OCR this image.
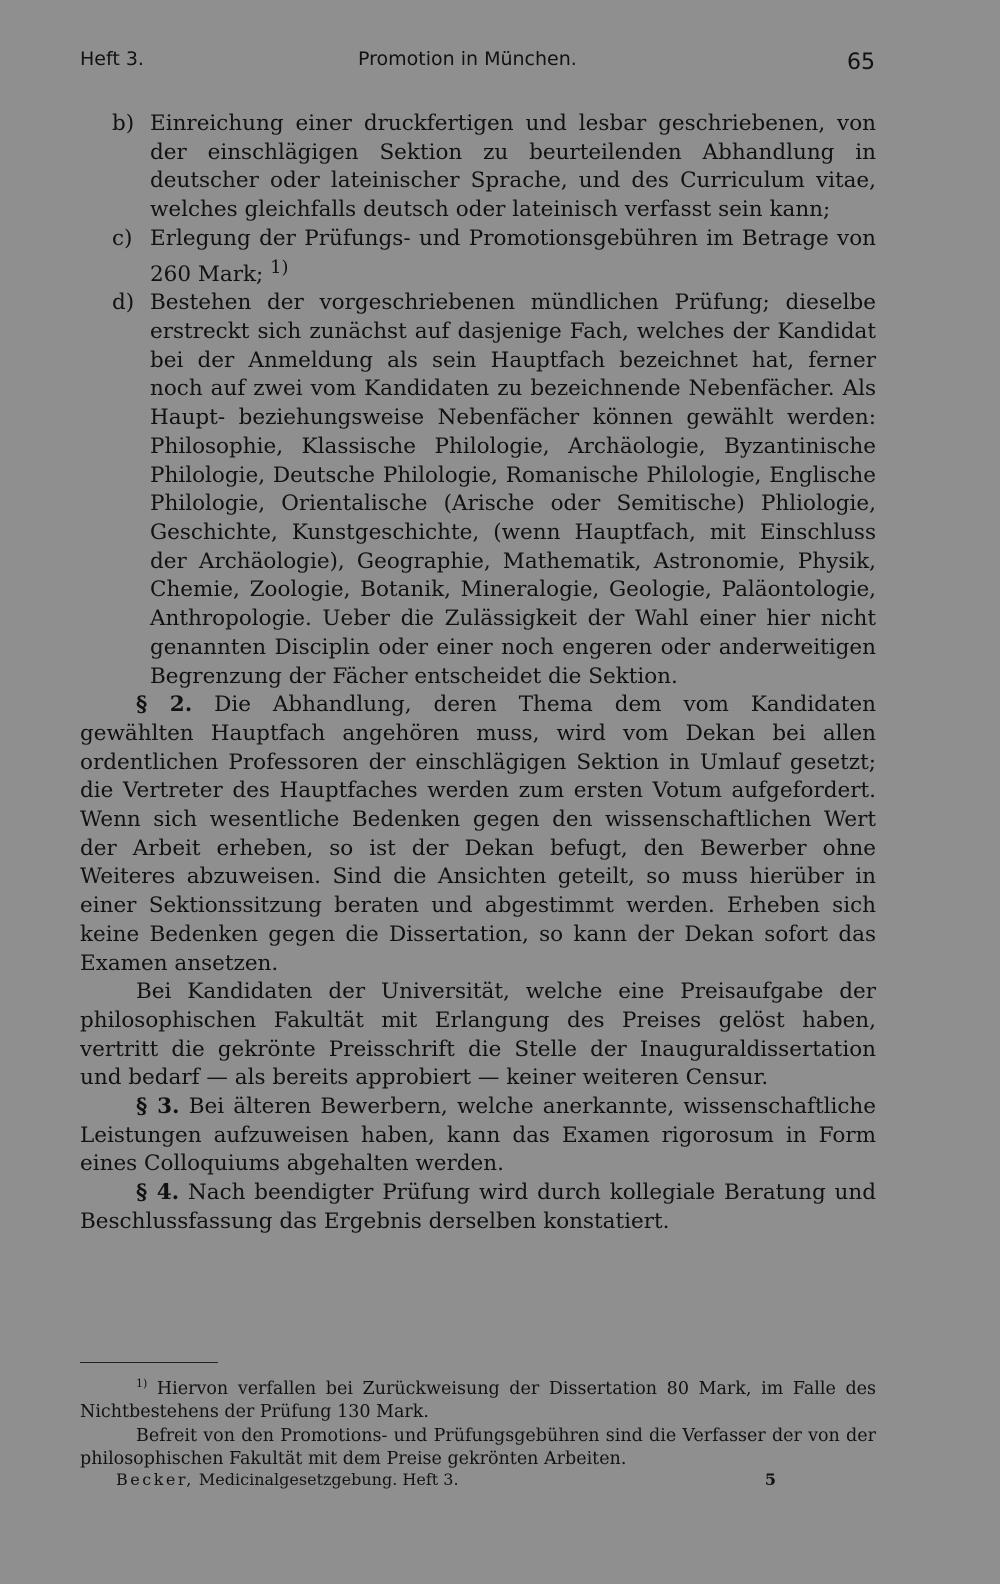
Heft 3.	Promotion in München.	65
b) Einreichung einer druckfertigen und lesbar geschriebenen, von der einschlägigen Sektion zu beurteilenden Abhandlung in deutscher oder lateinischer Sprache, und des Curriculum vitae, welches gleichfalls deutsch oder lateinisch verfasst sein kann;
c) Erlegung der Prüfungs- und Promotionsgebühren im Betrage von 260 Mark; $^{1)}$
d) Bestehen der vorgeschriebenen mündlichen Prüfung; dieselbe erstreckt sich zunächst auf dasjenige Fach, welches der Kandidat bei der Anmeldung als sein Hauptfach bezeichnet hat, ferner noch auf zwei vom Kandidaten zu bezeichnende Nebenfächer. Als Haupt- beziehungsweise Nebenfächer können gewählt werden: Philosophie, Klassische Philologie, Archäologie, Byzantinische Philologie, Deutsche Philologie, Romanische Philologie, Englische Philologie, Orientalische (Arische oder Semitische) Phliologie, Geschichte, Kunstgeschichte, (wenn Hauptfach, mit Einschluss der Archäologie), Geographie, Mathematik, Astronomie, Physik, Chemie, Zoologie, Botanik, Mineralogie, Geologie, Paläontologie, Anthropologie. Ueber die Zulässigkeit der Wahl einer hier nicht genannten Disciplin oder einer noch engeren oder anderweitigen Begrenzung der Fächer entscheidet die Sektion.

§ 2. Die Abhandlung, deren Thema dem vom Kandidaten gewählten Hauptfach angehören muss, wird vom Dekan bei allen ordentlichen Professoren der einschlägigen Sektion in Umlauf gesetzt; die Vertreter des Hauptfaches werden zum ersten Votum aufgefordert. Wenn sich wesentliche Bedenken gegen den wissenschaftlichen Wert der Arbeit erheben, so ist der Dekan befugt, den Bewerber ohne Weiteres abzuweisen. Sind die Ansichten geteilt, so muss hierüber in einer Sektionssitzung beraten und abgestimmt werden. Erheben sich keine Bedenken gegen die Dissertation, so kann der Dekan sofort das Examen ansetzen.

Bei Kandidaten der Universität, welche eine Preisaufgabe der philosophischen Fakultät mit Erlangung des Preises gelöst haben, vertritt die gekrönte Preisschrift die Stelle der Inauguraldissertation und bedarf — als bereits approbiert — keiner weiteren Censur.

§ 3. Bei älteren Bewerbern, welche anerkannte, wissenschaftliche Leistungen aufzuweisen haben, kann das Examen rigorosum in Form eines Colloquiums abgehalten werden.

§ 4. Nach beendigter Prüfung wird durch kollegiale Beratung und Beschlussfassung das Ergebnis derselben konstatiert.

$^{1)}$ Hiervon verfallen bei Zurückweisung der Dissertation 80 Mark, im Falle des Nichtbestehens der Prüfung 130 Mark.

Befreit von den Promotions- und Prüfungsgebühren sind die Verfasser der von der philosophischen Fakultät mit dem Preise gekrönten Arbeiten.

Becker, Medicinalgesetzgebung. Heft 3.	5
